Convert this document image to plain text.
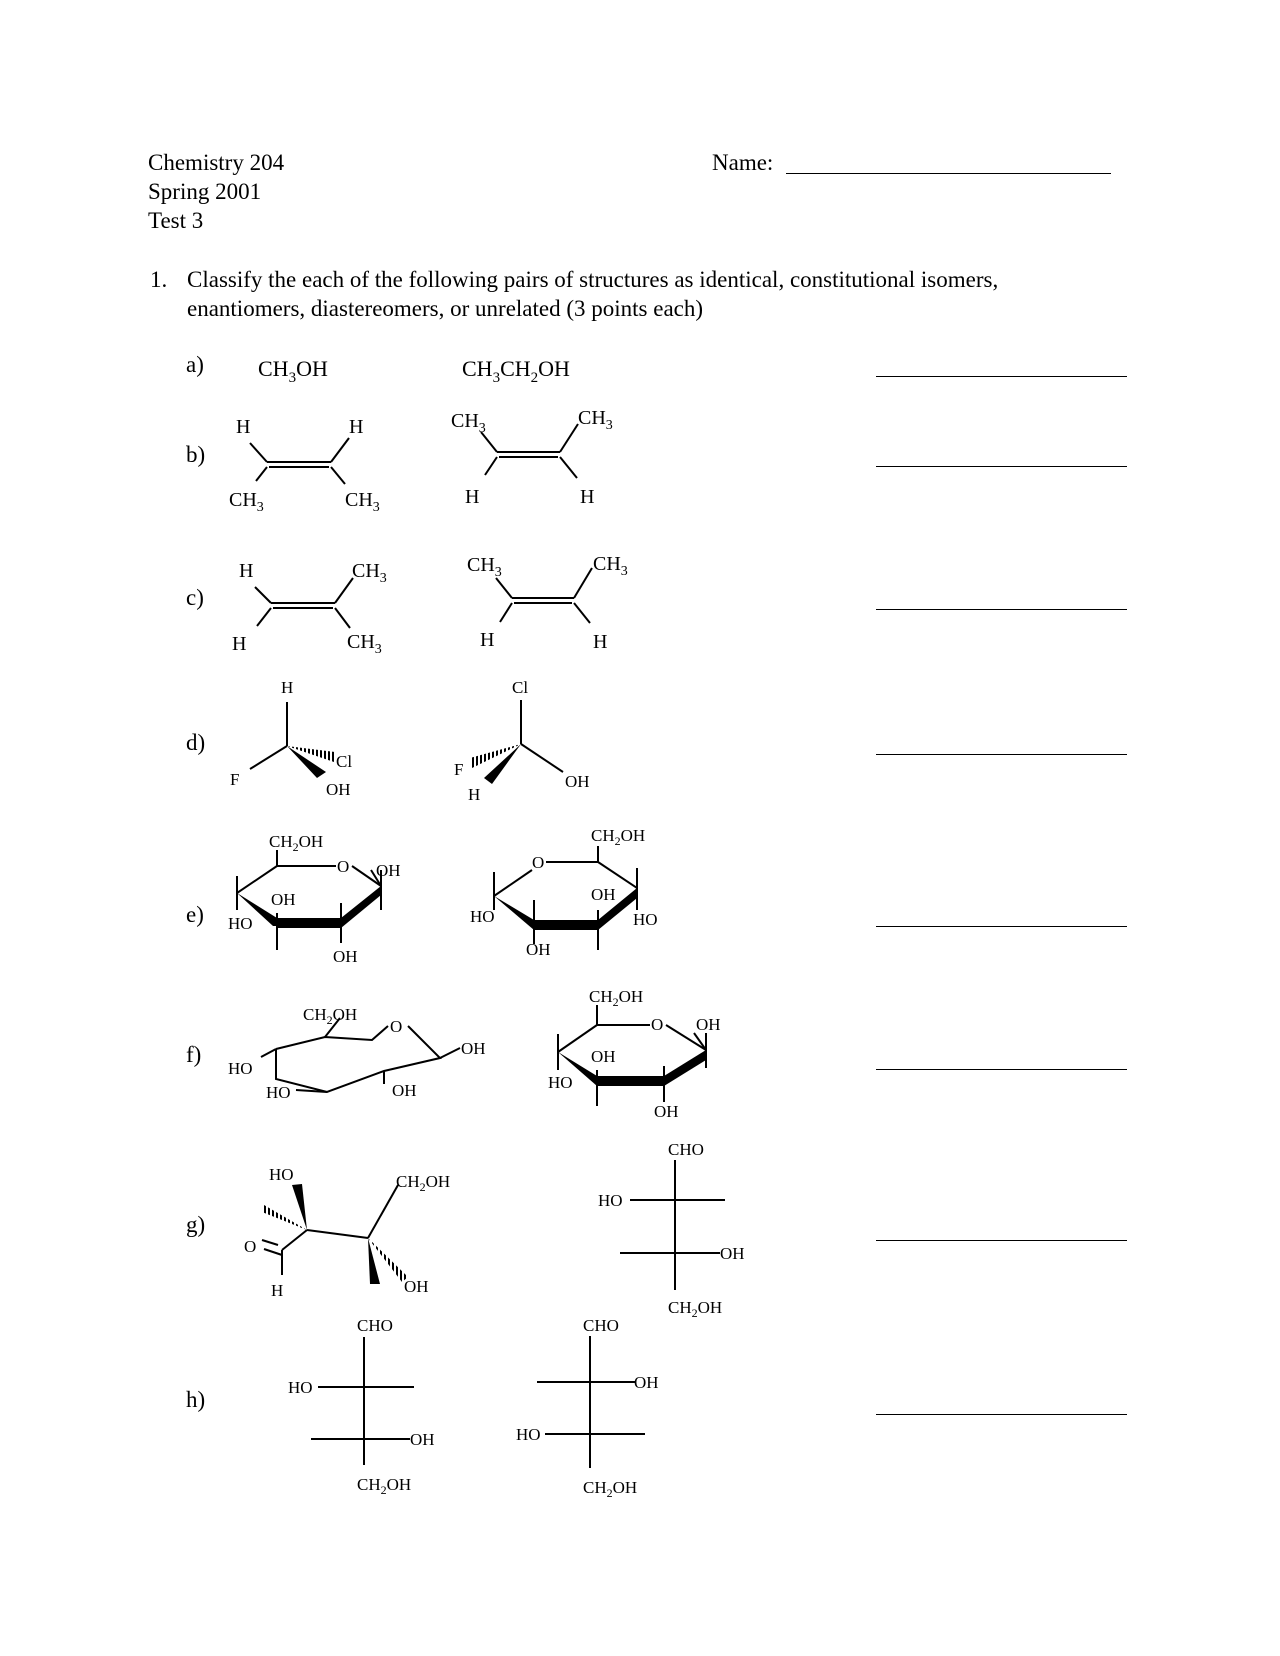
Chemistry 204
Spring 2001
Test 3
Name:
1. Classify the each of the following pairs of structures as identical, constitutional isomers,
enantiomers, diastereomers, or unrelated (3 points each)
a)
b)
c)
d)
e)
f)
g)
h)
$CH_3OH$	$CH_3CH_2OH$
H	H
$CH_3$	$CH_3$
$CH_3$	$CH_3$
H	H
H	$CH_3$
H	$CH_3$
$CH_3$	$CH_3$
H	H
H
F
Cl
OH
Cl
F
H
OH
$CH_2OH$
O OH
OH
HO
OH
$CH_2OH$
O
OH
HO	HO
OH
$CH_2OH$
O
OH
HO
HO	OH
$CH_2OH$
O OH
OH
HO
OH
HO
O
H
$CH_2OH$
OH
CHO
HO
OH
$CH_2OH$
CHO
HO
OH
$CH_2OH$
CHO
OH
HO
$CH_2OH$
